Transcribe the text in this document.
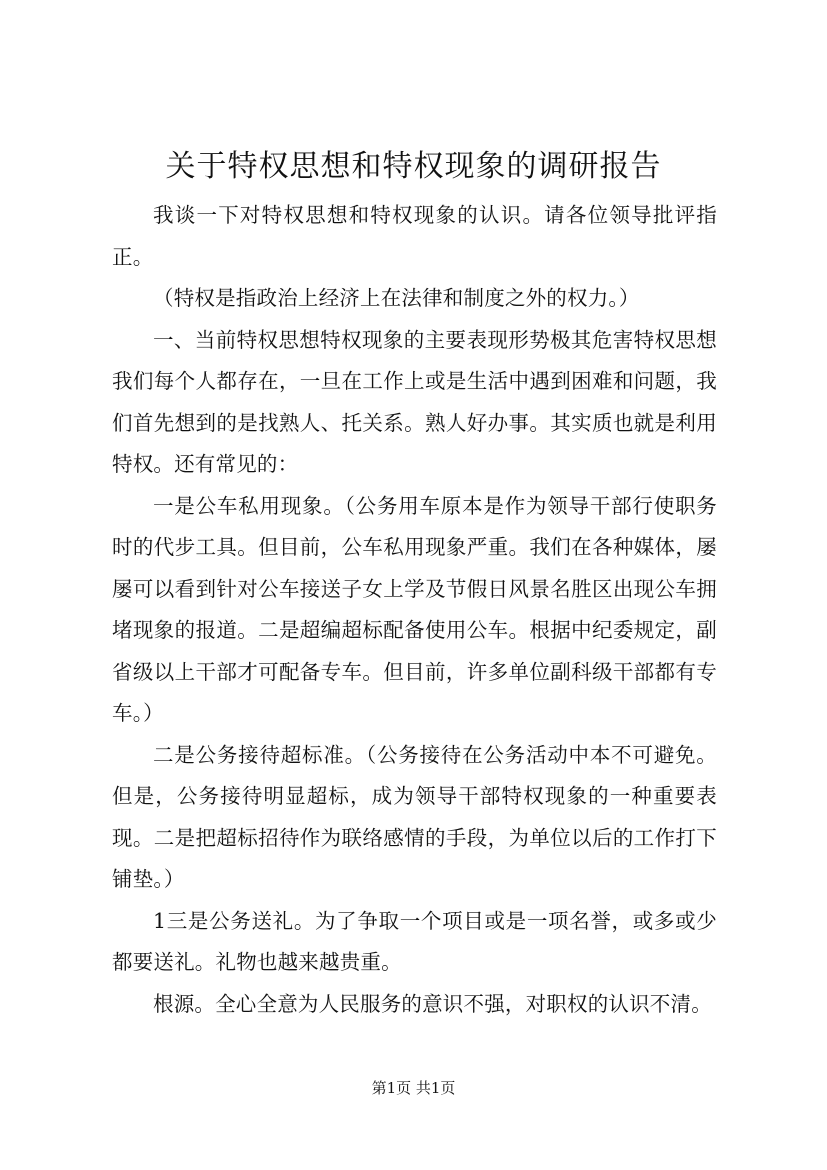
关于特权思想和特权现象的调研报告

我谈一下对特权思想和特权现象的认识。请各位领导批评指正。

（特权是指政治上经济上在法律和制度之外的权力。）

一、当前特权思想特权现象的主要表现形势极其危害特权思想我们每个人都存在，一旦在工作上或是生活中遇到困难和问题，我们首先想到的是找熟人、托关系。熟人好办事。其实质也就是利用特权。还有常见的：

一是公车私用现象。（公务用车原本是作为领导干部行使职务时的代步工具。但目前，公车私用现象严重。我们在各种媒体，屡屡可以看到针对公车接送子女上学及节假日风景名胜区出现公车拥堵现象的报道。二是超编超标配备使用公车。根据中纪委规定，副省级以上干部才可配备专车。但目前，许多单位副科级干部都有专车。）

二是公务接待超标准。（公务接待在公务活动中本不可避免。但是，公务接待明显超标，成为领导干部特权现象的一种重要表现。二是把超标招待作为联络感情的手段，为单位以后的工作打下铺垫。）

1三是公务送礼。为了争取一个项目或是一项名誉，或多或少都要送礼。礼物也越来越贵重。

根源。全心全意为人民服务的意识不强，对职权的认识不清。

第1页 共1页
